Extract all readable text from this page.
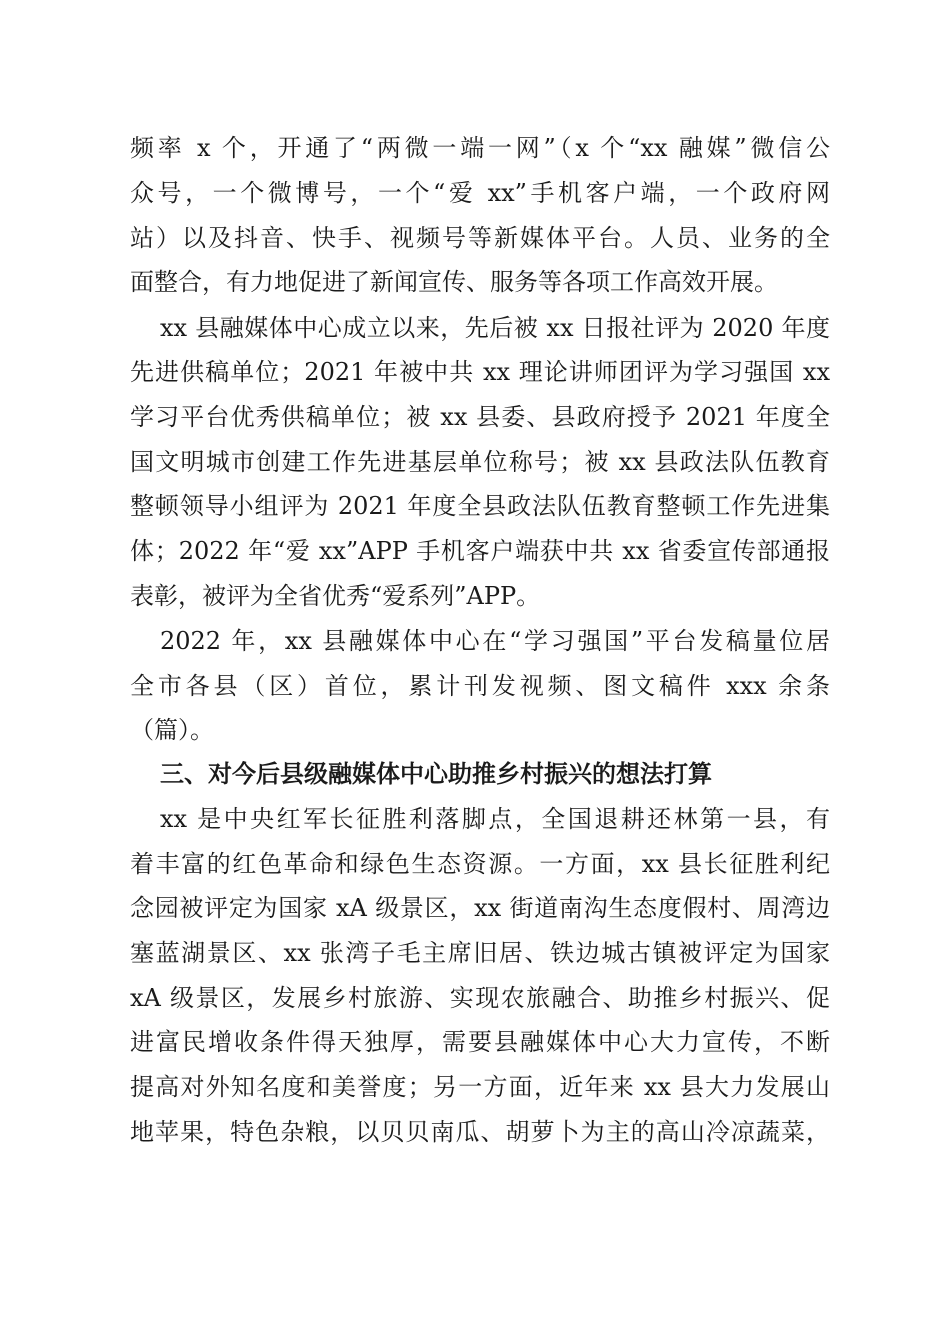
频率 x 个，开通了“两微一端一网”（x 个“xx 融媒”微信公
众号，一个微博号，一个“爱 xx”手机客户端，一个政府网
站）以及抖音、快手、视频号等新媒体平台。人员、业务的全
面整合，有力地促进了新闻宣传、服务等各项工作高效开展。
xx 县融媒体中心成立以来，先后被 xx 日报社评为 2020 年度
先进供稿单位；2021 年被中共 xx 理论讲师团评为学习强国 xx
学习平台优秀供稿单位；被 xx 县委、县政府授予 2021 年度全
国文明城市创建工作先进基层单位称号；被 xx 县政法队伍教育
整顿领导小组评为 2021 年度全县政法队伍教育整顿工作先进集
体；2022 年“爱 xx”APP 手机客户端获中共 xx 省委宣传部通报
表彰，被评为全省优秀“爱系列”APP。
2022 年，xx 县融媒体中心在“学习强国”平台发稿量位居
全市各县（区）首位，累计刊发视频、图文稿件 xxx 余条
（篇）。
三、对今后县级融媒体中心助推乡村振兴的想法打算
xx 是中央红军长征胜利落脚点，全国退耕还林第一县，有
着丰富的红色革命和绿色生态资源。一方面，xx 县长征胜利纪
念园被评定为国家 xA 级景区，xx 街道南沟生态度假村、周湾边
塞蓝湖景区、xx 张湾子毛主席旧居、铁边城古镇被评定为国家
xA 级景区，发展乡村旅游、实现农旅融合、助推乡村振兴、促
进富民增收条件得天独厚，需要县融媒体中心大力宣传，不断
提高对外知名度和美誉度；另一方面，近年来 xx 县大力发展山
地苹果，特色杂粮，以贝贝南瓜、胡萝卜为主的高山冷凉蔬菜，
